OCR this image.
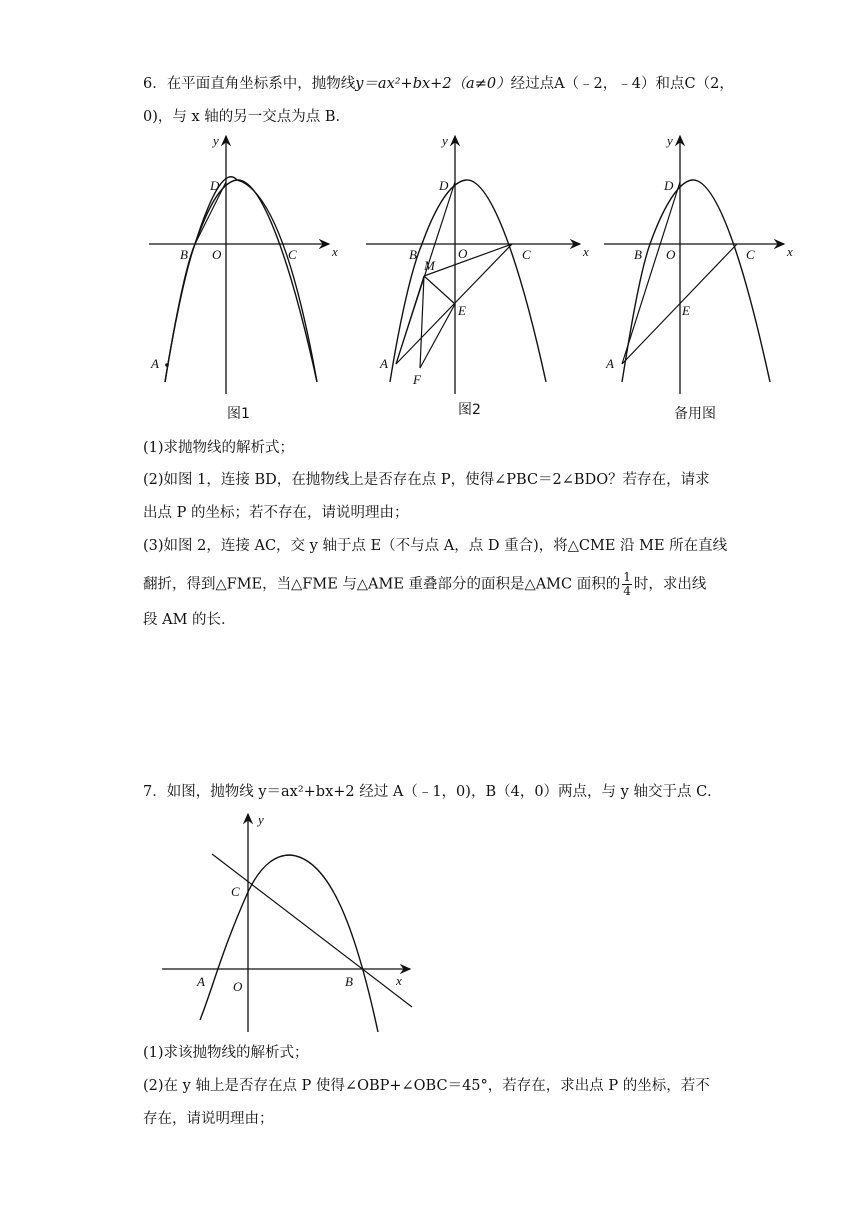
6．在平面直角坐标系中，抛物线y＝ax²+bx+2（a≠0）经过点A（﹣2，﹣4）和点C（2，
0)，与 x 轴的另一交点为点 B．
x
y
D
B O	C
A
图1
x
y
D
B	O	C
M
E
A
F
图2
x
y
D
B O	C
E
A
备用图
(1)求抛物线的解析式；
(2)如图 1，连接 BD，在抛物线上是否存在点 P，使得∠PBC＝2∠BDO？若存在，请求
出点 P 的坐标；若不存在，请说明理由；
(3)如图 2，连接 AC，交 y 轴于点 E（不与点 A，点 D 重合)，将△CME 沿 ME 所在直线
翻折，得到△FME，当△FME 与△AME 重叠部分的面积是△AMC 面积的 $\frac{1}{4}$ 时，求出线
段 AM 的长．
7．如图，抛物线 y＝ax²+bx+2 经过 A（﹣1，0)，B（4，0）两点，与 y 轴交于点 C．
y
x
C
A O	B
(1)求该抛物线的解析式；
(2)在 y 轴上是否存在点 P 使得∠OBP+∠OBC＝45°，若存在，求出点 P 的坐标，若不
存在，请说明理由；
